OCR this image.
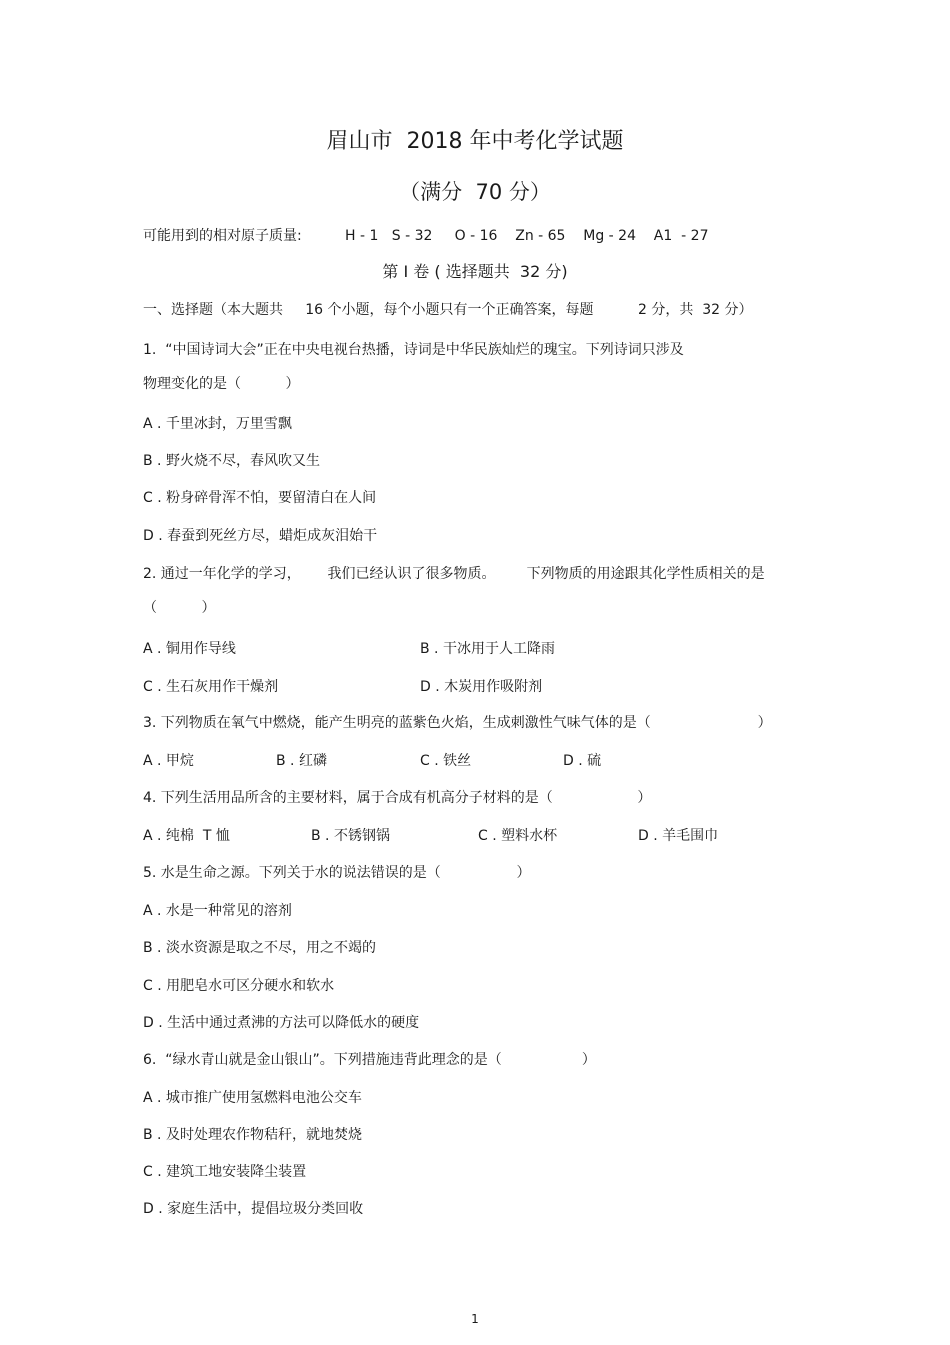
眉山市  2018 年中考化学试题
（满分  70 分）
可能用到的相对原子质量:	H - 1   S - 32     O - 16    Zn - 65    Mg - 24    A1  - 27
第 I 卷 ( 选择题共  32 分)
一、选择题（本大题共     16 个小题，每个小题只有一个正确答案，每题          2 分，共  32 分）
1.  “中国诗词大会”正在中央电视台热播，诗词是中华民族灿烂的瑰宝。下列诗词只涉及
物理变化的是（          ）
A . 千里冰封，万里雪飘
B . 野火烧不尽，春风吹又生
C . 粉身碎骨浑不怕，要留清白在人间
D . 春蚕到死丝方尽，蜡炬成灰泪始干
2. 通过一年化学的学习，      我们已经认识了很多物质。       下列物质的用途跟其化学性质相关的是
（          ）
A . 铜用作导线	B . 干冰用于人工降雨
C . 生石灰用作干燥剂	D . 木炭用作吸附剂
3. 下列物质在氧气中燃烧，能产生明亮的蓝紫色火焰，生成刺激性气味气体的是（                        ）
A . 甲烷	B . 红磷	C . 铁丝	D . 硫
4. 下列生活用品所含的主要材料，属于合成有机高分子材料的是（                   ）
A . 纯棉  T 恤	B . 不锈钢锅	C . 塑料水杯	D . 羊毛围巾
5. 水是生命之源。下列关于水的说法错误的是（                 ）
A . 水是一种常见的溶剂
B . 淡水资源是取之不尽，用之不竭的
C . 用肥皂水可区分硬水和软水
D . 生活中通过煮沸的方法可以降低水的硬度
6.  “绿水青山就是金山银山”。下列措施违背此理念的是（                  ）
A . 城市推广使用氢燃料电池公交车
B . 及时处理农作物秸秆，就地焚烧
C . 建筑工地安装降尘装置
D . 家庭生活中，提倡垃圾分类回收
1
